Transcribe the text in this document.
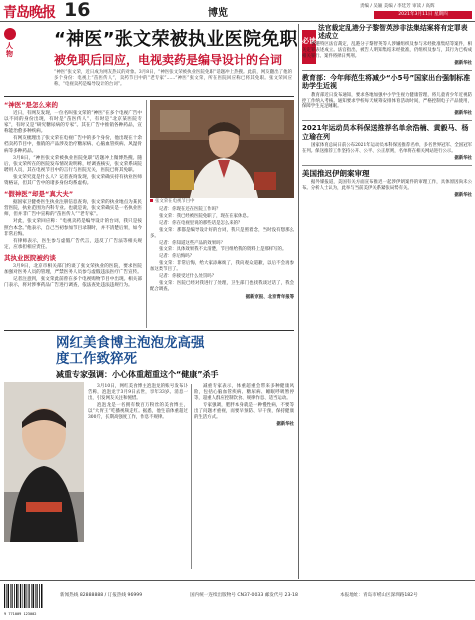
青岛晚报 16	博览
责编 / 吴颖 美编 / 李廷芳 审读 / 高辉
2021年3月11日 星期四
人物
“神医”张文荣被执业医院免职
被免职后回应，电视卖药是编导设计的台词
“神医”张文荣，近日成为网友热议的对象。3月8日，“神医张文荣被执业医院免职”话题冲上热搜。此前，网友翻出了他的多个身份：电视上“苗医传人”，卖药节目中的“老专家”……“神医”张文荣，所在医院回应称已将其免职。张文荣回应称，“电视卖药是编导设计的台词”。
“神医”是怎么来的

近日，有网友发现，一位名叫张文荣的“神医”在多个电视广告中以不同的身份出现，有时是“苗医传人”，有时是“北京某医院专家”，有时又是“研究糖尿病的专家”。其在广告中推销各种药品，宣称能治愈多种疾病。

有网友梳理出了张文荣在电视广告中的多个身份，他出现在十余档卖药节目中，推销的产品涉及治疗糖尿病、心脑血管疾病、风湿骨病等多种药品。

3月8日，“神医张文荣被执业医院免职”话题冲上微博热搜。随后，张文荣所在的医院发布情况说明称，经调查核实，张文荣系该院聘用人员，其在电视节目中的言行与医院无关，医院已将其免职。

张文荣究竟是什么人？记者查询发现，张文荣确实持有执业医师资格证，但其广告中的诸多身份均系虚构。

“假神医”却是“真大夫”

据国家卫健委医生执业注册信息查询，张文荣的执业地点为某民营医院，执业范围为内科专业。也就是说，张文荣确实是一名执业医师，但并非广告中宣称的“苗医传人”“老专家”。

对此，张文荣回应称：“电视卖药是编导设计的台词，我只是按照台本念。”他表示，自己当初参加节目录制时，并不清楚后果，如今非常后悔。

有律师表示，医生参与虚假广告代言，违反了广告法等相关规定，应承担相应责任。

其执业医院被约谈

3月9日，北京市相关部门约谈了张文荣执业的医院，要求医院加强对医务人员的管理，严禁医务人员参与虚假违法医疗广告宣传。

记者注意到，张文荣此前曾在多个电视购物节目中出现。相关部门表示，将对涉事药品广告进行调查，依法查处违法违规行为。

张文荣在电视节目中

记者：你现在还在医院工作吗？

张文荣：我已经被医院免职了，现在在家休息。

记者：你在电视里说的那些话是怎么来的？

张文荣：那都是编导设计好的台词，我只是照着念，当时没有想那么多。

记者：你知道这些产品的效果吗？

张文荣：具体效果我不太清楚，节目组给我的资料上是那样写的。

记者：你后悔吗？

张文荣：非常后悔，给大家添麻烦了，我向观众道歉，以后不会再参加这类节目了。

记者：你接受过什么处罚吗？

张文荣：医院已经对我进行了处理，卫生部门也找我谈过话了，我会配合调查。

据新京报、北京青年报等
网红美食博主泡泡龙高强度工作致猝死
减重专家强调：小心体重超重这个“健康”杀手

3月10日，网红美食博主泡泡龙的账号发布讣告称，泡泡龙于3月9日去世，享年33岁。消息一出，引发网友关注和惋惜。

泡泡龙是一名拥有数百万粉丝的美食博主，以“大胃王”吃播视频走红。据悉，他生前体重超过300斤，长期高强度工作，作息不规律。

减重专家表示，体重超重会带来多种健康风险，包括心脑血管疾病、糖尿病、睡眠呼吸暂停等，超重人群应控制饮食、规律作息、适当运动。

专家强调，肥胖本身就是一种慢性病，不要等出了问题才重视，而要早预防、早干预，保持健康的生活方式。

据新华社
必读
法官裁定乱港分子黎智英涉非法集结案将有定罪表述成立

香港特区法官裁定，乱港分子黎智英等人涉嫌组织及参与未经批准集结等案件，相关定罪表述成立。法官指出，被告人明知集结未经批准，仍组织及参与，其行为已构成相关罪行。案件将择日判刑。

据新华社
教育部：今年师范生将减少“小5号”国家出台强制标准助学生近视

教育部近日发布通知，要求各地加强中小学生视力健康管理，将儿童青少年近视防控工作纳入考核。通知要求学校每天统筹安排体育活动时间，严格控制电子产品使用，保障学生充足睡眠。

据新华社
2021年运动员本科保送推荐名单余浩楠、黄毅马、杨立瑜在列

国家体育总局日前公布2021年运动员本科保送推荐名单，多名世界冠军、全国冠军在列。保送推荐工作坚持公开、公平、公正原则，名单将在相关网站进行公示。

据新华社
美国推迟伊朗案审理

据外媒报道，美国有关方面宣布推迟一起涉伊朗案件的审理工作，具体原因尚未公布。分析人士认为，此举与当前美伊关系紧张局势有关。

据新华社
9 771009 123002
新闻热线 82888888 / 订报热线 96999	国内统一连续出版物号 CN37-0033 邮发代号 23-18	本报地址：青岛市崂山区深圳路182号
